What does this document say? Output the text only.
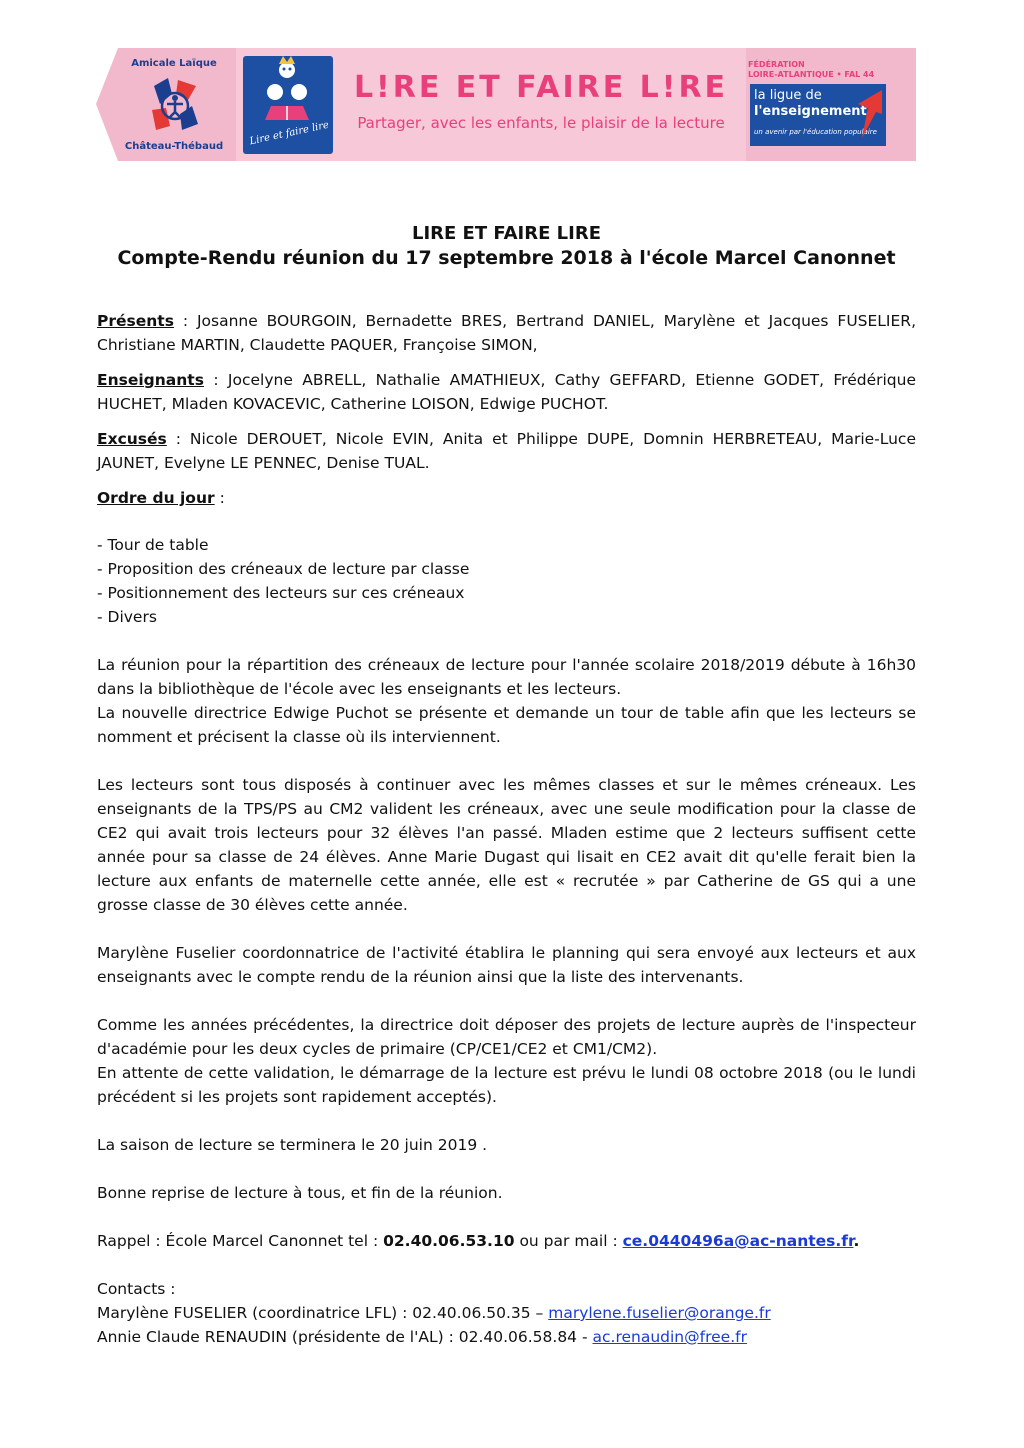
Amicale Laïque
Château-Thébaud	Lire et faire lire
L!RE ET FAIRE L!RE
Partager, avec les enfants, le plaisir de la lecture
FÉDÉRATION
LOIRE-ATLANTIQUE • FAL 44
la ligue de
l'enseignement
un avenir par l'éducation populaire

LIRE ET FAIRE LIRE

Compte-Rendu réunion du 17 septembre 2018 à l'école Marcel Canonnet

Présents : Josanne BOURGOIN, Bernadette BRES, Bertrand DANIEL, Marylène et Jacques FUSELIER, Christiane MARTIN, Claudette PAQUER, Françoise SIMON,

Enseignants : Jocelyne ABRELL, Nathalie AMATHIEUX, Cathy GEFFARD, Etienne GODET, Frédérique HUCHET, Mladen KOVACEVIC, Catherine LOISON, Edwige PUCHOT.

Excusés : Nicole DEROUET, Nicole EVIN, Anita et Philippe DUPE, Domnin HERBRETEAU, Marie-Luce JAUNET, Evelyne LE PENNEC, Denise TUAL.

Ordre du jour :

- Tour de table
- Proposition des créneaux de lecture par classe
- Positionnement des lecteurs sur ces créneaux
- Divers

La réunion pour la répartition des créneaux de lecture pour l'année scolaire 2018/2019 débute à 16h30 dans la bibliothèque de l'école avec les enseignants et les lecteurs.

La nouvelle directrice Edwige Puchot se présente et demande un tour de table afin que les lecteurs se nomment et précisent la classe où ils interviennent.

Les lecteurs sont tous disposés à continuer avec les mêmes classes et sur le mêmes créneaux. Les enseignants de la TPS/PS au CM2 valident les créneaux, avec une seule modification pour la classe de CE2 qui avait trois lecteurs pour 32 élèves l'an passé. Mladen estime que 2 lecteurs suffisent cette année pour sa classe de 24 élèves. Anne Marie Dugast qui lisait en CE2 avait dit qu'elle ferait bien la lecture aux enfants de maternelle cette année, elle est « recrutée » par Catherine de GS qui a une grosse classe de 30 élèves cette année.

Marylène Fuselier coordonnatrice de l'activité établira le planning qui sera envoyé aux lecteurs et aux enseignants avec le compte rendu de la réunion ainsi que la liste des intervenants.

Comme les années précédentes, la directrice doit déposer des projets de lecture auprès de l'inspecteur d'académie pour les deux cycles de primaire (CP/CE1/CE2 et CM1/CM2).

En attente de cette validation, le démarrage de la lecture est prévu le lundi 08 octobre 2018 (ou le lundi précédent si les projets sont rapidement acceptés).

La saison de lecture se terminera le 20 juin 2019 .

Bonne reprise de lecture à tous, et fin de la réunion.

Rappel : École Marcel Canonnet tel : 02.40.06.53.10 ou par mail : ce.0440496a@ac-nantes.fr.

Contacts :

Marylène FUSELIER (coordinatrice LFL) : 02.40.06.50.35 – marylene.fuselier@orange.fr

Annie Claude RENAUDIN (présidente de l'AL) : 02.40.06.58.84 - ac.renaudin@free.fr
